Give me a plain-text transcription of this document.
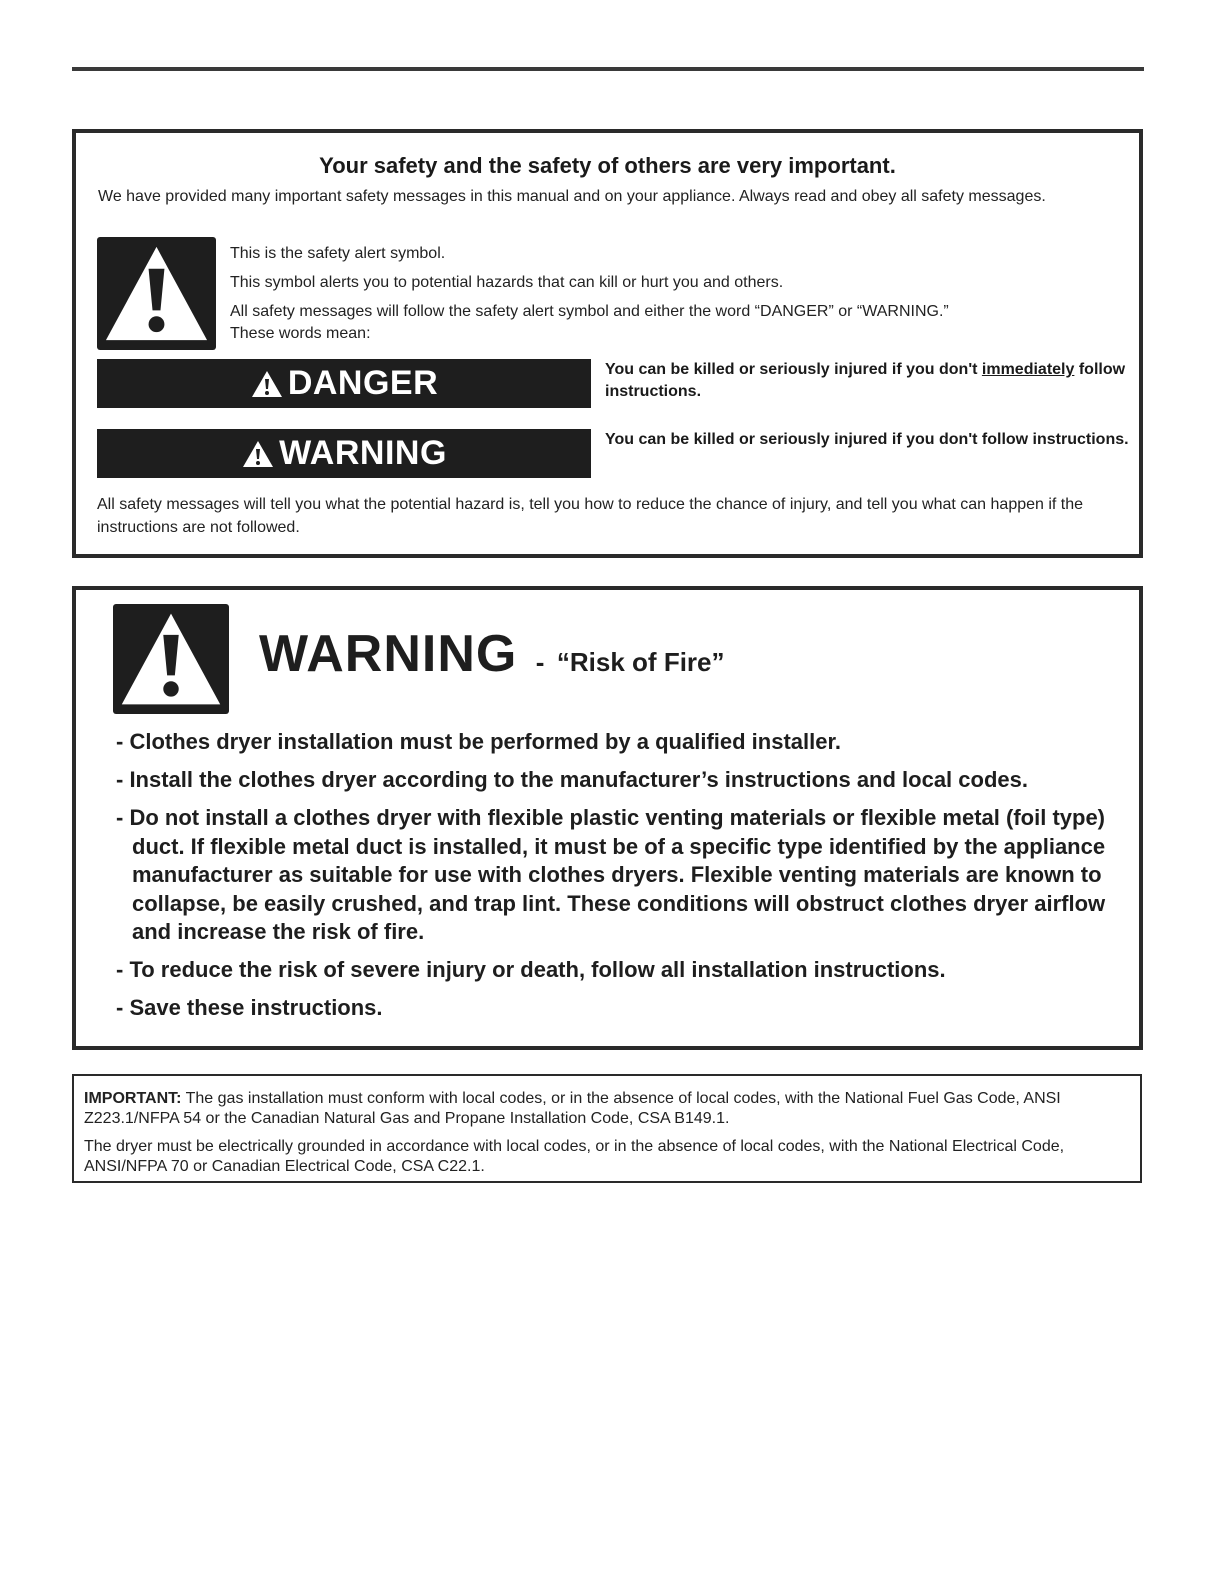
Your safety and the safety of others are very important.
We have provided many important safety messages in this manual and on your appliance. Always read and obey all safety messages.
This is the safety alert symbol.
This symbol alerts you to potential hazards that can kill or hurt you and others.
All safety messages will follow the safety alert symbol and either the word “DANGER” or “WARNING.”
These words mean:
DANGER	You can be killed or seriously injured if you don't immediately follow instructions.
WARNING	You can be killed or seriously injured if you don't follow instructions.
All safety messages will tell you what the potential hazard is, tell you how to reduce the chance of injury, and tell you what can happen if the instructions are not followed.
WARNING - “Risk of Fire”
- Clothes dryer installation must be performed by a qualified installer.
- Install the clothes dryer according to the manufacturer’s instructions and local codes.
- Do not install a clothes dryer with flexible plastic venting materials or flexible metal (foil type) duct. If flexible metal duct is installed, it must be of a specific type identified by the appliance manufacturer as suitable for use with clothes dryers. Flexible venting materials are known to collapse, be easily crushed, and trap lint. These conditions will obstruct clothes dryer airflow and increase the risk of fire.
- To reduce the risk of severe injury or death, follow all installation instructions.
- Save these instructions.

IMPORTANT: The gas installation must conform with local codes, or in the absence of local codes, with the National Fuel Gas Code, ANSI Z223.1/NFPA 54 or the Canadian Natural Gas and Propane Installation Code, CSA B149.1.

The dryer must be electrically grounded in accordance with local codes, or in the absence of local codes, with the National Electrical Code, ANSI/NFPA 70 or Canadian Electrical Code, CSA C22.1.
